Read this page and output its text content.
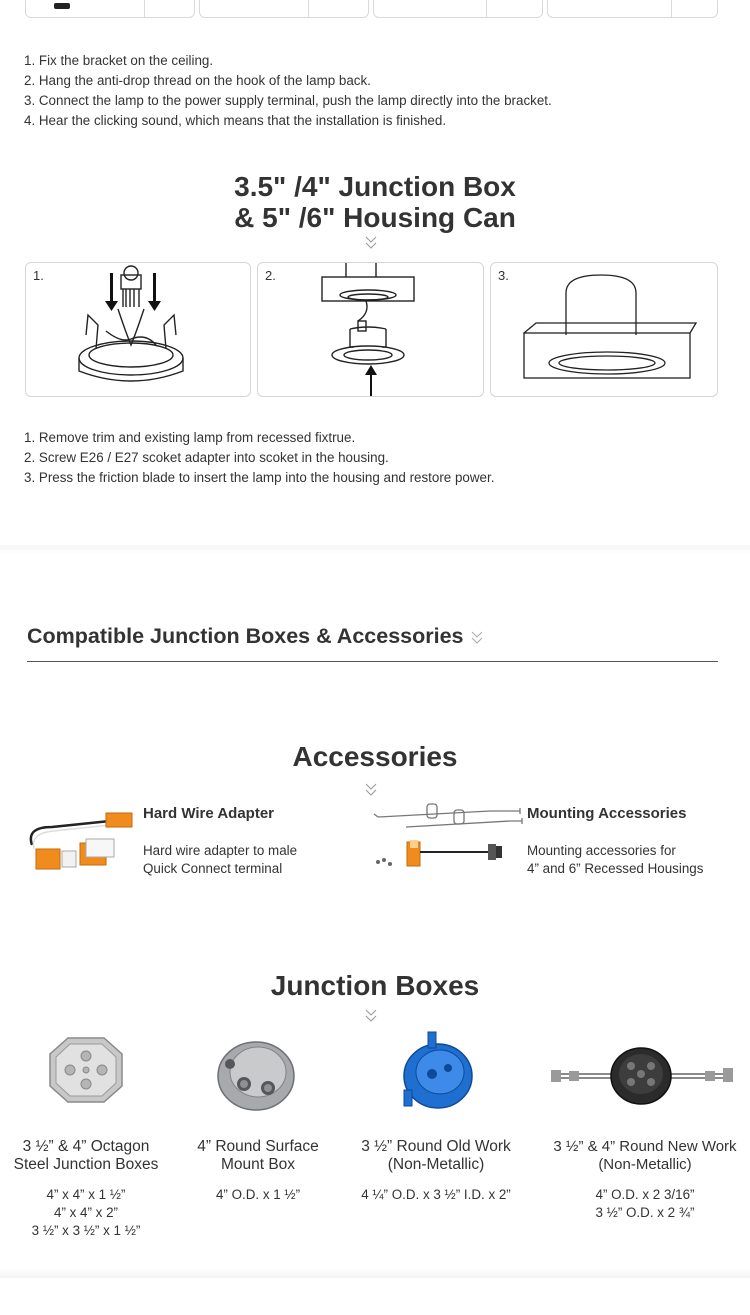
1. Fix the bracket on the ceiling.
2. Hang the anti-drop thread on the hook of the lamp back.
3. Connect the lamp to the power supply terminal, push the lamp directly into the bracket.
4. Hear the clicking sound, which means that the installation is finished.
3.5" /4" Junction Box
& 5" /6" Housing Can
1.	2.	3.
1. Remove trim and existing lamp from recessed fixtrue.
2. Screw E26 / E27 scoket adapter into scoket in the housing.
3. Press the friction blade to insert the lamp into the housing and restore power.
Compatible Junction Boxes & Accessories
Accessories
Hard Wire Adapter
Hard wire adapter to male
Quick Connect terminal
Mounting Accessories
Mounting accessories for
4” and 6” Recessed Housings
Junction Boxes
3 ½” & 4” Octagon
Steel Junction Boxes
4” x 4” x 1 ½”
4” x 4” x 2”
3 ½” x 3 ½” x 1 ½”
4” Round Surface
Mount Box
4” O.D. x 1 ½”
3 ½” Round Old Work
(Non-Metallic)
4 ¼” O.D. x 3 ½” I.D. x 2”
3 ½” & 4” Round New Work
(Non-Metallic)
4” O.D. x 2 3/16”
3 ½” O.D. x 2 ¾”
